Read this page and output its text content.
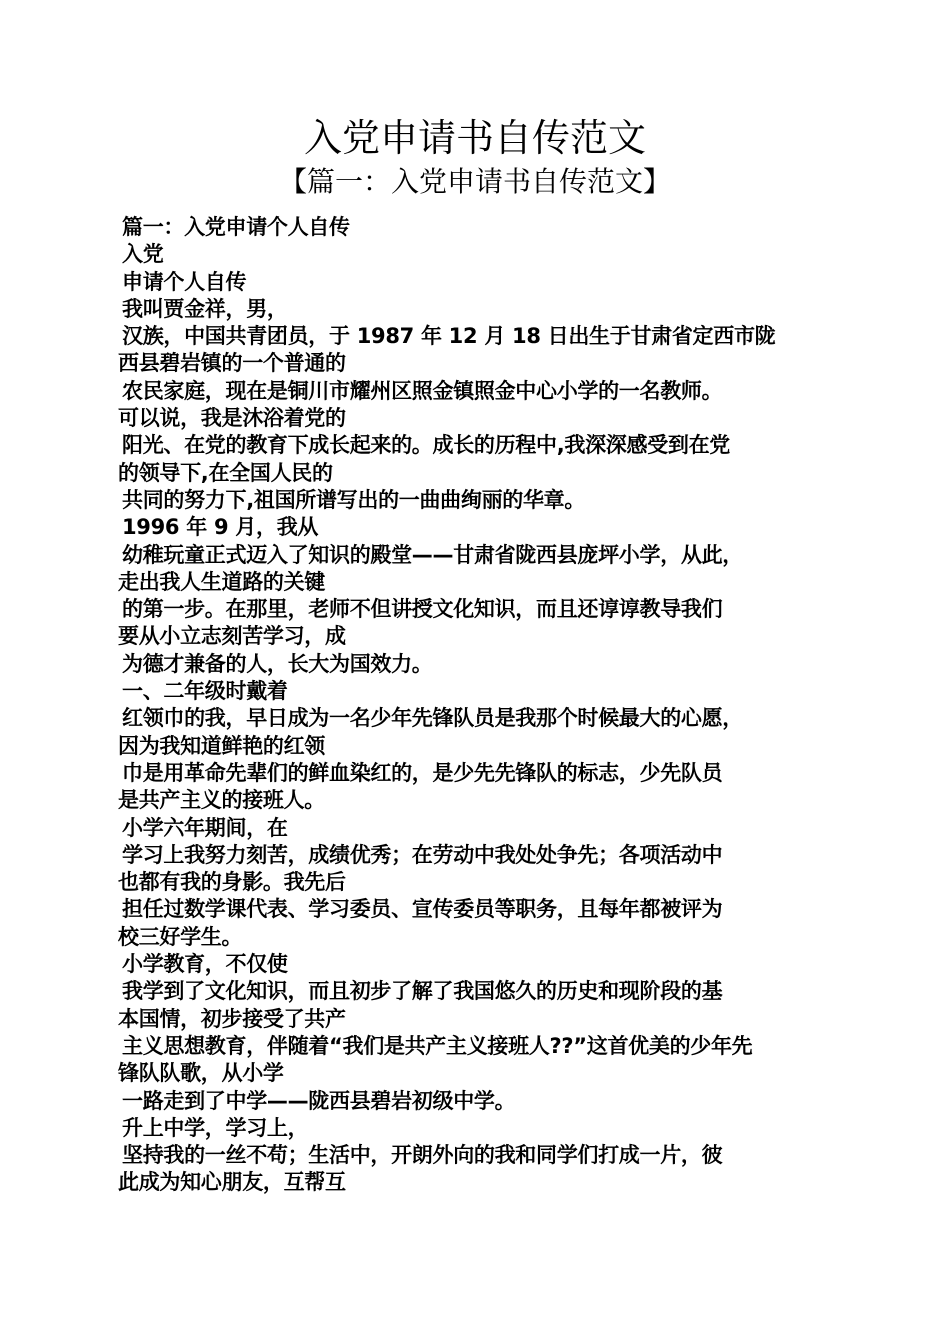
入党申请书自传范文
【篇一：入党申请书自传范文】
篇一：入党申请个人自传
入党
申请个人自传
我叫贾金祥，男，
汉族，中国共青团员，于 1987 年 12 月 18 日出生于甘肃省定西市陇
西县碧岩镇的一个普通的
农民家庭，现在是铜川市耀州区照金镇照金中心小学的一名教师。
可以说，我是沐浴着党的
阳光、在党的教育下成长起来的。成长的历程中,我深深感受到在党
的领导下,在全国人民的
共同的努力下,祖国所谱写出的一曲曲绚丽的华章。
1996 年 9 月，我从
幼稚玩童正式迈入了知识的殿堂——甘肃省陇西县庞坪小学，从此，
走出我人生道路的关键
的第一步。在那里，老师不但讲授文化知识，而且还谆谆教导我们
要从小立志刻苦学习，成
为德才兼备的人，长大为国效力。
一、二年级时戴着
红领巾的我，早日成为一名少年先锋队员是我那个时候最大的心愿，
因为我知道鲜艳的红领
巾是用革命先辈们的鲜血染红的，是少先先锋队的标志，少先队员
是共产主义的接班人。
小学六年期间，在
学习上我努力刻苦，成绩优秀；在劳动中我处处争先；各项活动中
也都有我的身影。我先后
担任过数学课代表、学习委员、宣传委员等职务，且每年都被评为
校三好学生。
小学教育，不仅使
我学到了文化知识，而且初步了解了我国悠久的历史和现阶段的基
本国情，初步接受了共产
主义思想教育，伴随着“我们是共产主义接班人??”这首优美的少年先
锋队队歌，从小学
一路走到了中学——陇西县碧岩初级中学。
升上中学，学习上，
坚持我的一丝不苟；生活中，开朗外向的我和同学们打成一片，彼
此成为知心朋友，互帮互
